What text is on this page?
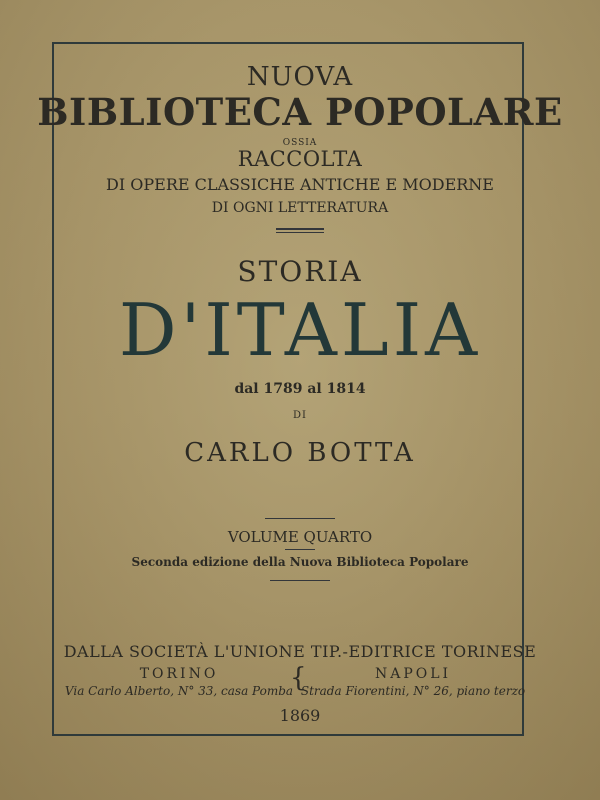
NUOVA
BIBLIOTECA POPOLARE
OSSIA
RACCOLTA
DI OPERE CLASSICHE ANTICHE E MODERNE
DI OGNI LETTERATURA
STORIA
D'ITALIA
dal 1789 al 1814
DI
CARLO BOTTA
VOLUME QUARTO
Seconda edizione della Nuova Biblioteca Popolare
DALLA SOCIETÀ L'UNIONE TIP.-EDITRICE TORINESE
TORINO
Via Carlo Alberto, N° 33, casa Pomba
{	NAPOLI
Strada Fiorentini, N° 26, piano terzo
1869
